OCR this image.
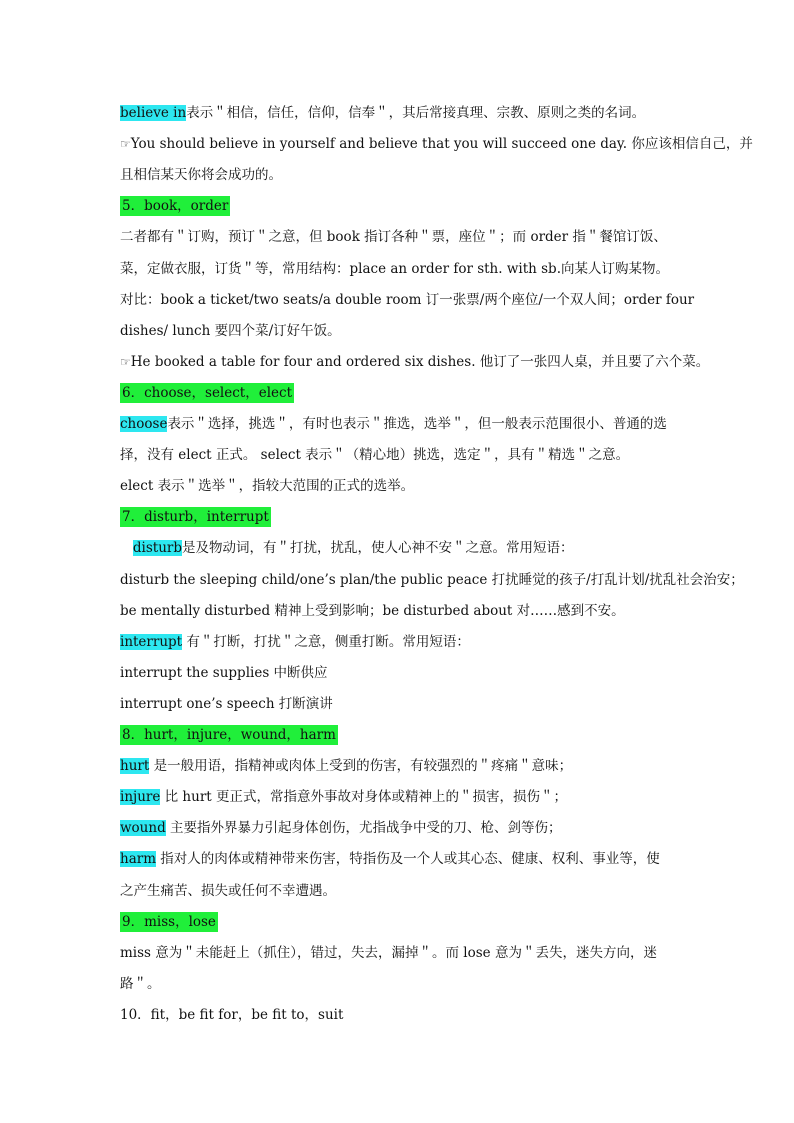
believe in表示＂相信，信任，信仰，信奉＂，其后常接真理、宗教、原则之类的名词。
☞You should believe in yourself and believe that you will succeed one day. 你应该相信自己，并
且相信某天你将会成功的。
5．book，order
二者都有＂订购，预订＂之意，但 book 指订各种＂票，座位＂；而 order 指＂餐馆订饭、
菜，定做衣服，订货＂等，常用结构：place an order for sth. with sb.向某人订购某物。
对比：book a ticket/two seats/a double room 订一张票/两个座位/一个双人间；order four
dishes/ lunch 要四个菜/订好午饭。
☞He booked a table for four and ordered six dishes. 他订了一张四人桌，并且要了六个菜。
6．choose，select，elect
choose表示＂选择，挑选＂，有时也表示＂推选，选举＂，但一般表示范围很小、普通的选
择，没有 elect 正式。 select 表示＂（精心地）挑选，选定＂，具有＂精选＂之意。
elect 表示＂选举＂，指较大范围的正式的选举。
7．disturb，interrupt
disturb是及物动词，有＂打扰，扰乱，使人心神不安＂之意。常用短语：
disturb the sleeping child/one’s plan/the public peace 打扰睡觉的孩子/打乱计划/扰乱社会治安；
be mentally disturbed 精神上受到影响；be disturbed about 对……感到不安。
interrupt 有＂打断，打扰＂之意，侧重打断。常用短语：
interrupt the supplies 中断供应
interrupt one’s speech 打断演讲
8．hurt，injure，wound，harm
hurt 是一般用语，指精神或肉体上受到的伤害，有较强烈的＂疼痛＂意味；
injure 比 hurt 更正式，常指意外事故对身体或精神上的＂损害，损伤＂；
wound 主要指外界暴力引起身体创伤，尤指战争中受的刀、枪、剑等伤；
harm 指对人的肉体或精神带来伤害，特指伤及一个人或其心态、健康、权利、事业等，使
之产生痛苦、损失或任何不幸遭遇。
9．miss，lose
miss 意为＂未能赶上（抓住），错过，失去，漏掉＂。而 lose 意为＂丢失，迷失方向，迷
路＂。
10．fit，be fit for，be fit to，suit
